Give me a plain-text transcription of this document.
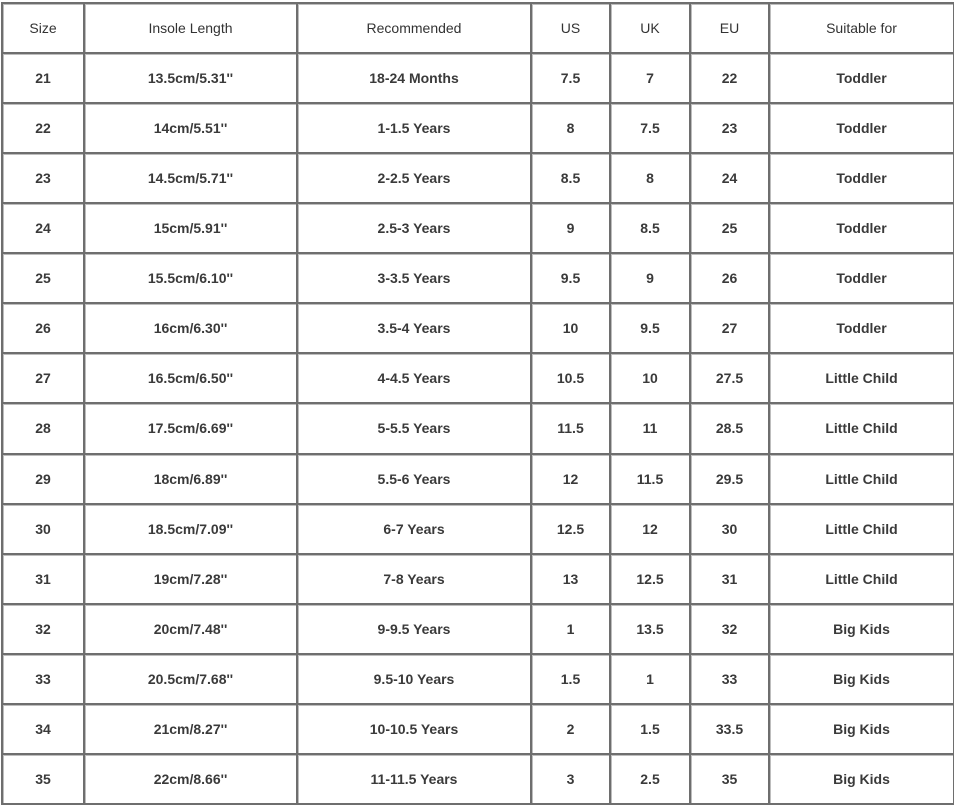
Size	Insole Length	Recommended	US	UK	EU	Suitable for
21	13.5cm/5.31''	18-24 Months	7.5	7	22	Toddler
22	14cm/5.51''	1-1.5 Years	8	7.5	23	Toddler
23	14.5cm/5.71''	2-2.5 Years	8.5	8	24	Toddler
24	15cm/5.91''	2.5-3 Years	9	8.5	25	Toddler
25	15.5cm/6.10''	3-3.5 Years	9.5	9	26	Toddler
26	16cm/6.30''	3.5-4 Years	10	9.5	27	Toddler
27	16.5cm/6.50''	4-4.5 Years	10.5	10	27.5	Little Child
28	17.5cm/6.69''	5-5.5 Years	11.5	11	28.5	Little Child
29	18cm/6.89''	5.5-6 Years	12	11.5	29.5	Little Child
30	18.5cm/7.09''	6-7 Years	12.5	12	30	Little Child
31	19cm/7.28''	7-8 Years	13	12.5	31	Little Child
32	20cm/7.48''	9-9.5 Years	1	13.5	32	Big Kids
33	20.5cm/7.68''	9.5-10 Years	1.5	1	33	Big Kids
34	21cm/8.27''	10-10.5 Years	2	1.5	33.5	Big Kids
35	22cm/8.66''	11-11.5 Years	3	2.5	35	Big Kids
